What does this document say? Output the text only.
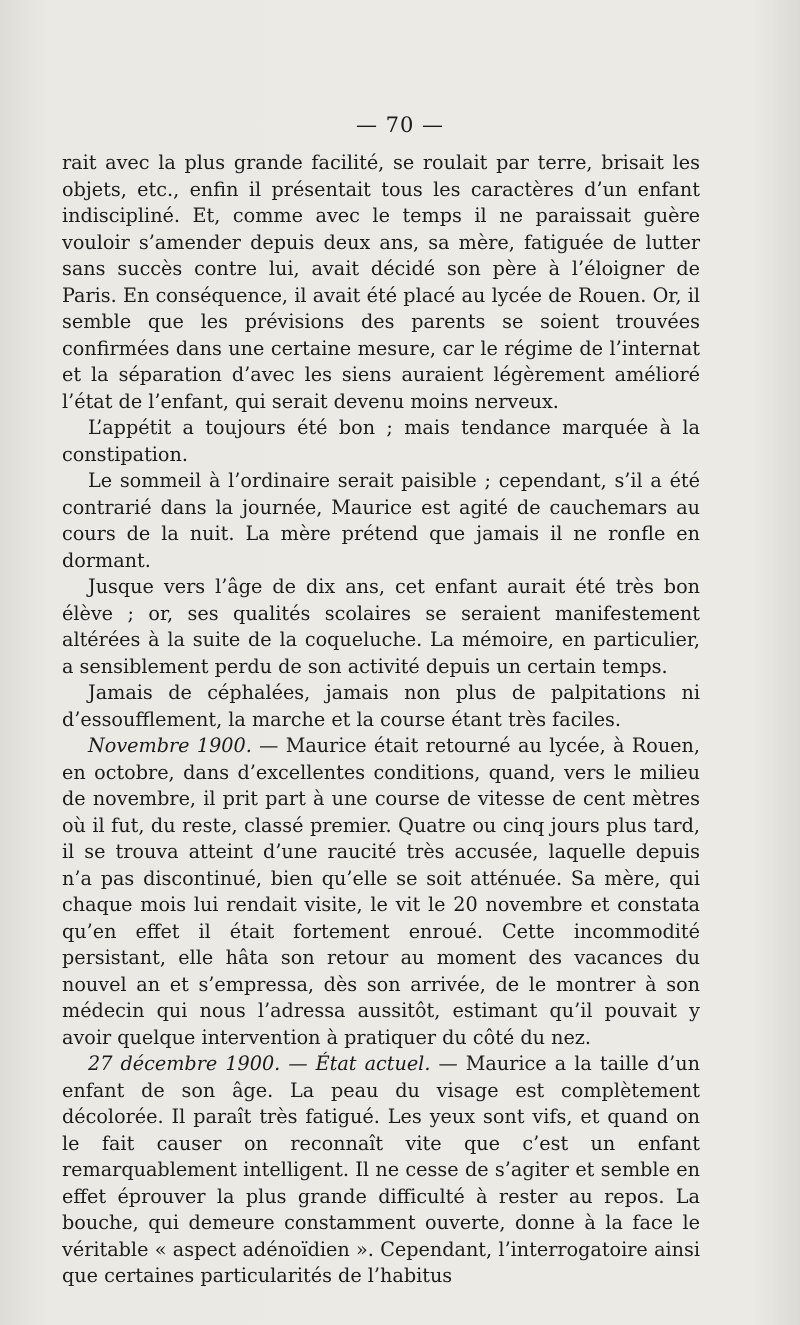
— 70 —

rait avec la plus grande facilité, se roulait par terre, brisait les objets, etc., enfin il présentait tous les caractères d’un enfant indiscipliné. Et, comme avec le temps il ne paraissait guère vouloir s’amender depuis deux ans, sa mère, fatiguée de lutter sans succès contre lui, avait décidé son père à l’éloigner de Paris. En conséquence, il avait été placé au lycée de Rouen. Or, il semble que les prévisions des parents se soient trouvées confirmées dans une certaine mesure, car le régime de l’internat et la séparation d’avec les siens auraient légèrement amélioré l’état de l’enfant, qui serait devenu moins nerveux.

L’appétit a toujours été bon ; mais tendance marquée à la constipation.

Le sommeil à l’ordinaire serait paisible ; cependant, s’il a été contrarié dans la journée, Maurice est agité de cauchemars au cours de la nuit. La mère prétend que jamais il ne ronfle en dormant.

Jusque vers l’âge de dix ans, cet enfant aurait été très bon élève ; or, ses qualités scolaires se seraient manifestement altérées à la suite de la coqueluche. La mémoire, en particulier, a sensiblement perdu de son activité depuis un certain temps.

Jamais de céphalées, jamais non plus de palpitations ni d’essoufflement, la marche et la course étant très faciles.

Novembre 1900. — Maurice était retourné au lycée, à Rouen, en octobre, dans d’excellentes conditions, quand, vers le milieu de novembre, il prit part à une course de vitesse de cent mètres où il fut, du reste, classé premier. Quatre ou cinq jours plus tard, il se trouva atteint d’une raucité très accusée, laquelle depuis n’a pas discontinué, bien qu’elle se soit atténuée. Sa mère, qui chaque mois lui rendait visite, le vit le 20 novembre et constata qu’en effet il était fortement enroué. Cette incommodité persistant, elle hâta son retour au moment des vacances du nouvel an et s’empressa, dès son arrivée, de le montrer à son médecin qui nous l’adressa aussitôt, estimant qu’il pouvait y avoir quelque intervention à pratiquer du côté du nez.

27 décembre 1900. — État actuel. — Maurice a la taille d’un enfant de son âge. La peau du visage est complètement décolorée. Il paraît très fatigué. Les yeux sont vifs, et quand on le fait causer on reconnaît vite que c’est un enfant remarquablement intelligent. Il ne cesse de s’agiter et semble en effet éprouver la plus grande difficulté à rester au repos. La bouche, qui demeure constamment ouverte, donne à la face le véritable « aspect adénoïdien ». Cependant, l’interrogatoire ainsi que certaines particularités de l’habitus
